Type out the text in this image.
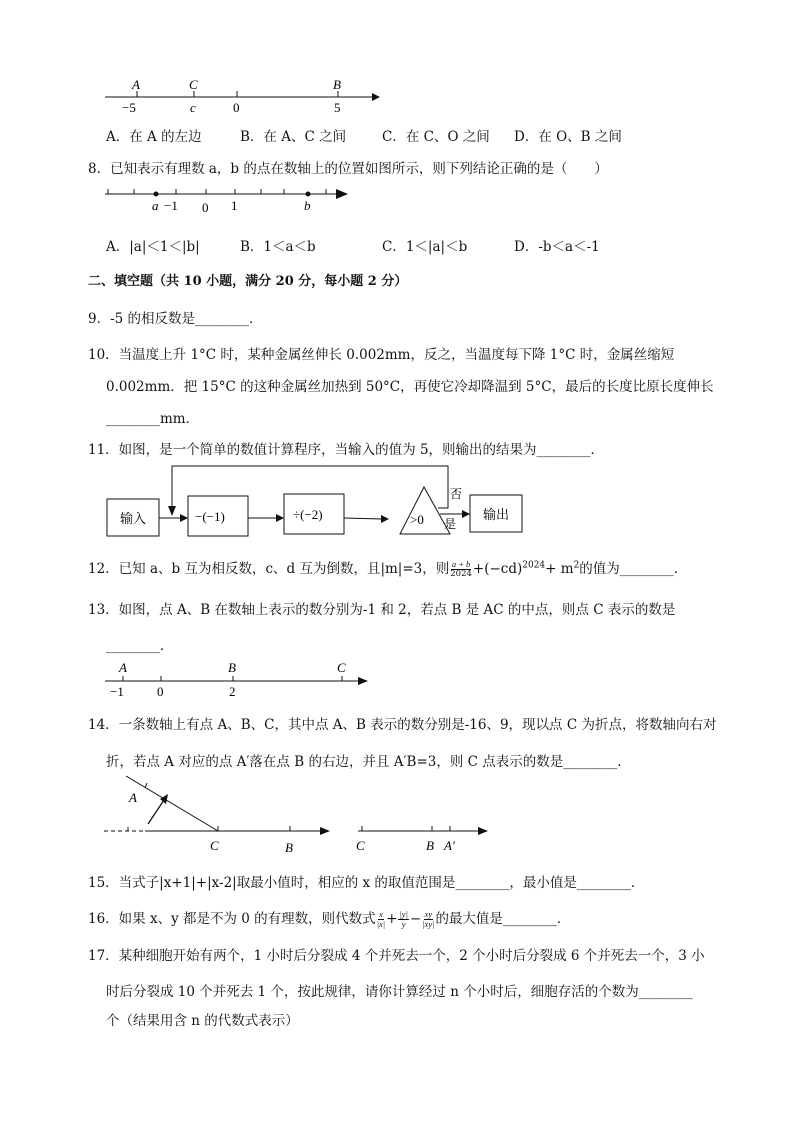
A	C	B
−5	c	0	5
A．在 A 的左边	B．在 A、C 之间	C．在 C、O 之间 D．在 O、B 之间
8．已知表示有理数 a，b 的点在数轴上的位置如图所示，则下列结论正确的是（　　）
a −1 0 1	b
A．|a|＜1＜|b|	B．1＜a＜b	C．1＜|a|＜b	D．-b＜a＜-1
二、填空题（共 10 小题，满分 20 分，每小题 2 分）
9．-5 的相反数是________．
10．当温度上升 1°C 时，某种金属丝伸长 0.002mm，反之，当温度每下降 1°C 时，金属丝缩短
0.002mm．把 15°C 的这种金属丝加热到 50°C，再使它冷却降温到 5°C，最后的长度比原长度伸长
________mm．
11．如图，是一个简单的数值计算程序，当输入的值为 5，则输出的结果为________．
输入	−(−1)	÷(−2)	>0	输出
否
是
12．已知 a、b 互为相反数，c、d 互为倒数，且|m|=3，则 $\frac{a + b}{2024} +(-cd)^{2024}+ m^2$的值为________．
13．如图，点 A、B 在数轴上表示的数分别为-1 和 2，若点 B 是 AC 的中点，则点 C 表示的数是
________．
A	B	C
−1	0	2
14．一条数轴上有点 A、B、C，其中点 A、B 表示的数分别是-16、9，现以点 C 为折点，将数轴向右对
折，若点 A 对应的点 A′落在点 B 的右边，并且 A′B=3，则 C 点表示的数是________．
A
C	B	C	B A′
15．当式子|x+1|+|x-2|取最小值时，相应的 x 的取值范围是________，最小值是________．
16．如果 x、y 都是不为 0 的有理数，则代数式 $\frac{x}{|x|} + \frac{|y|}{y} - \frac{xy}{|xy|}$ 的最大值是________．
17．某种细胞开始有两个，1 小时后分裂成 4 个并死去一个，2 个小时后分裂成 6 个并死去一个，3 小
时后分裂成 10 个并死去 1 个，按此规律，请你计算经过 n 个小时后，细胞存活的个数为________
个（结果用含 n 的代数式表示）
